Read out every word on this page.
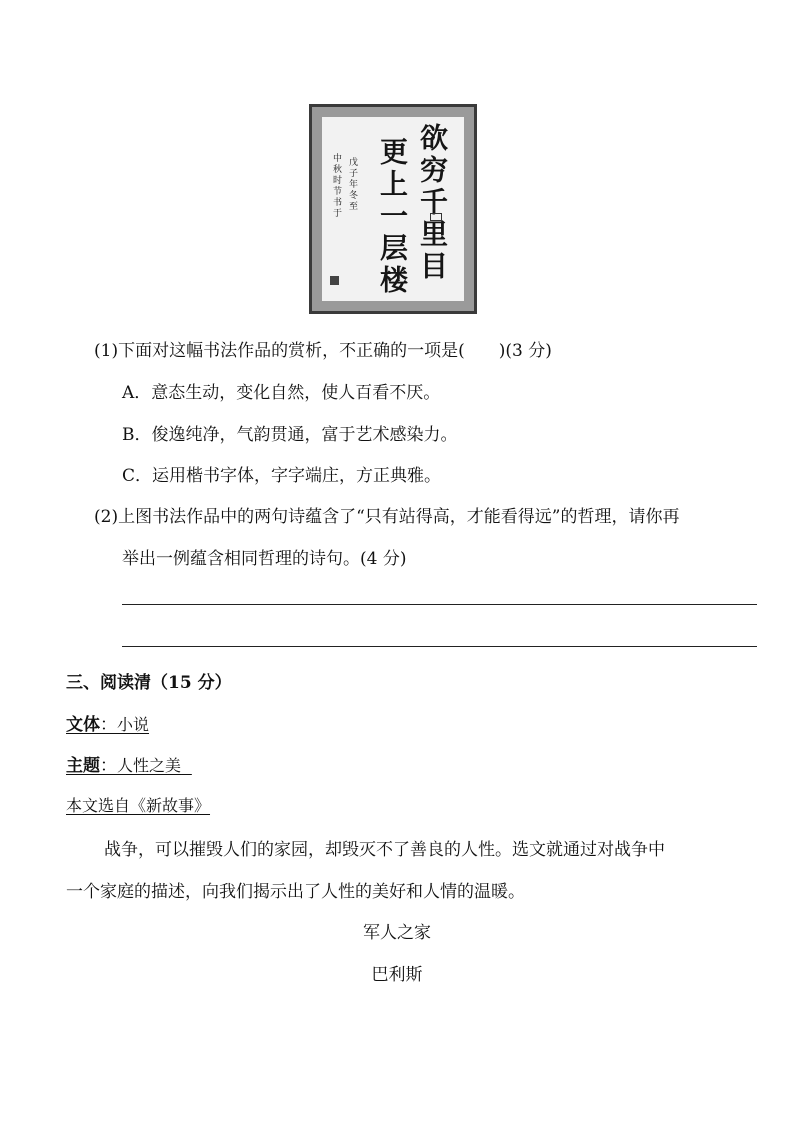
欲穷千里目
更上一层楼
戊子年冬至
中秋时节书于
(1)下面对这幅书法作品的赏析，不正确的一项是(　　)(3 分)
A．意态生动，变化自然，使人百看不厌。
B．俊逸纯净，气韵贯通，富于艺术感染力。
C．运用楷书字体，字字端庄，方正典雅。
(2)上图书法作品中的两句诗蕴含了“只有站得高，才能看得远”的哲理，请你再
举出一例蕴含相同哲理的诗句。(4 分)
三、阅读清（15 分）
文体：小说
主题：人性之美
本文选自《新故事》
战争，可以摧毁人们的家园，却毁灭不了善良的人性。选文就通过对战争中
一个家庭的描述，向我们揭示出了人性的美好和人情的温暖。
军人之家
巴利斯
